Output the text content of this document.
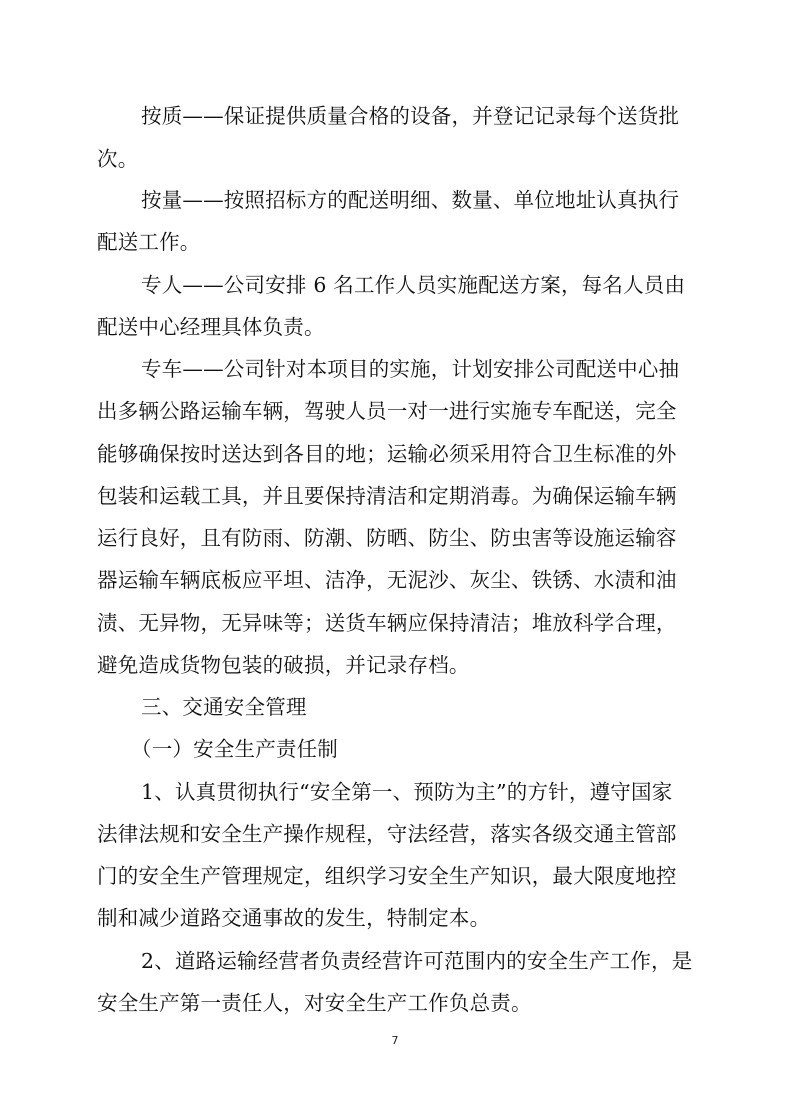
按质——保证提供质量合格的设备，并登记记录每个送货批
次。
按量——按照招标方的配送明细、数量、单位地址认真执行
配送工作。
专人——公司安排 6 名工作人员实施配送方案，每名人员由
配送中心经理具体负责。
专车——公司针对本项目的实施，计划安排公司配送中心抽
出多辆公路运输车辆，驾驶人员一对一进行实施专车配送，完全
能够确保按时送达到各目的地；运输必须采用符合卫生标准的外
包装和运载工具，并且要保持清洁和定期消毒。为确保运输车辆
运行良好，且有防雨、防潮、防晒、防尘、防虫害等设施运输容
器运输车辆底板应平坦、洁净，无泥沙、灰尘、铁锈、水渍和油
渍、无异物，无异味等；送货车辆应保持清洁；堆放科学合理，
避免造成货物包装的破损，并记录存档。
三、交通安全管理
（一）安全生产责任制
1、认真贯彻执行“安全第一、预防为主”的方针，遵守国家
法律法规和安全生产操作规程，守法经营，落实各级交通主管部
门的安全生产管理规定，组织学习安全生产知识，最大限度地控
制和减少道路交通事故的发生，特制定本。
2、道路运输经营者负责经营许可范围内的安全生产工作，是
安全生产第一责任人，对安全生产工作负总责。
7
